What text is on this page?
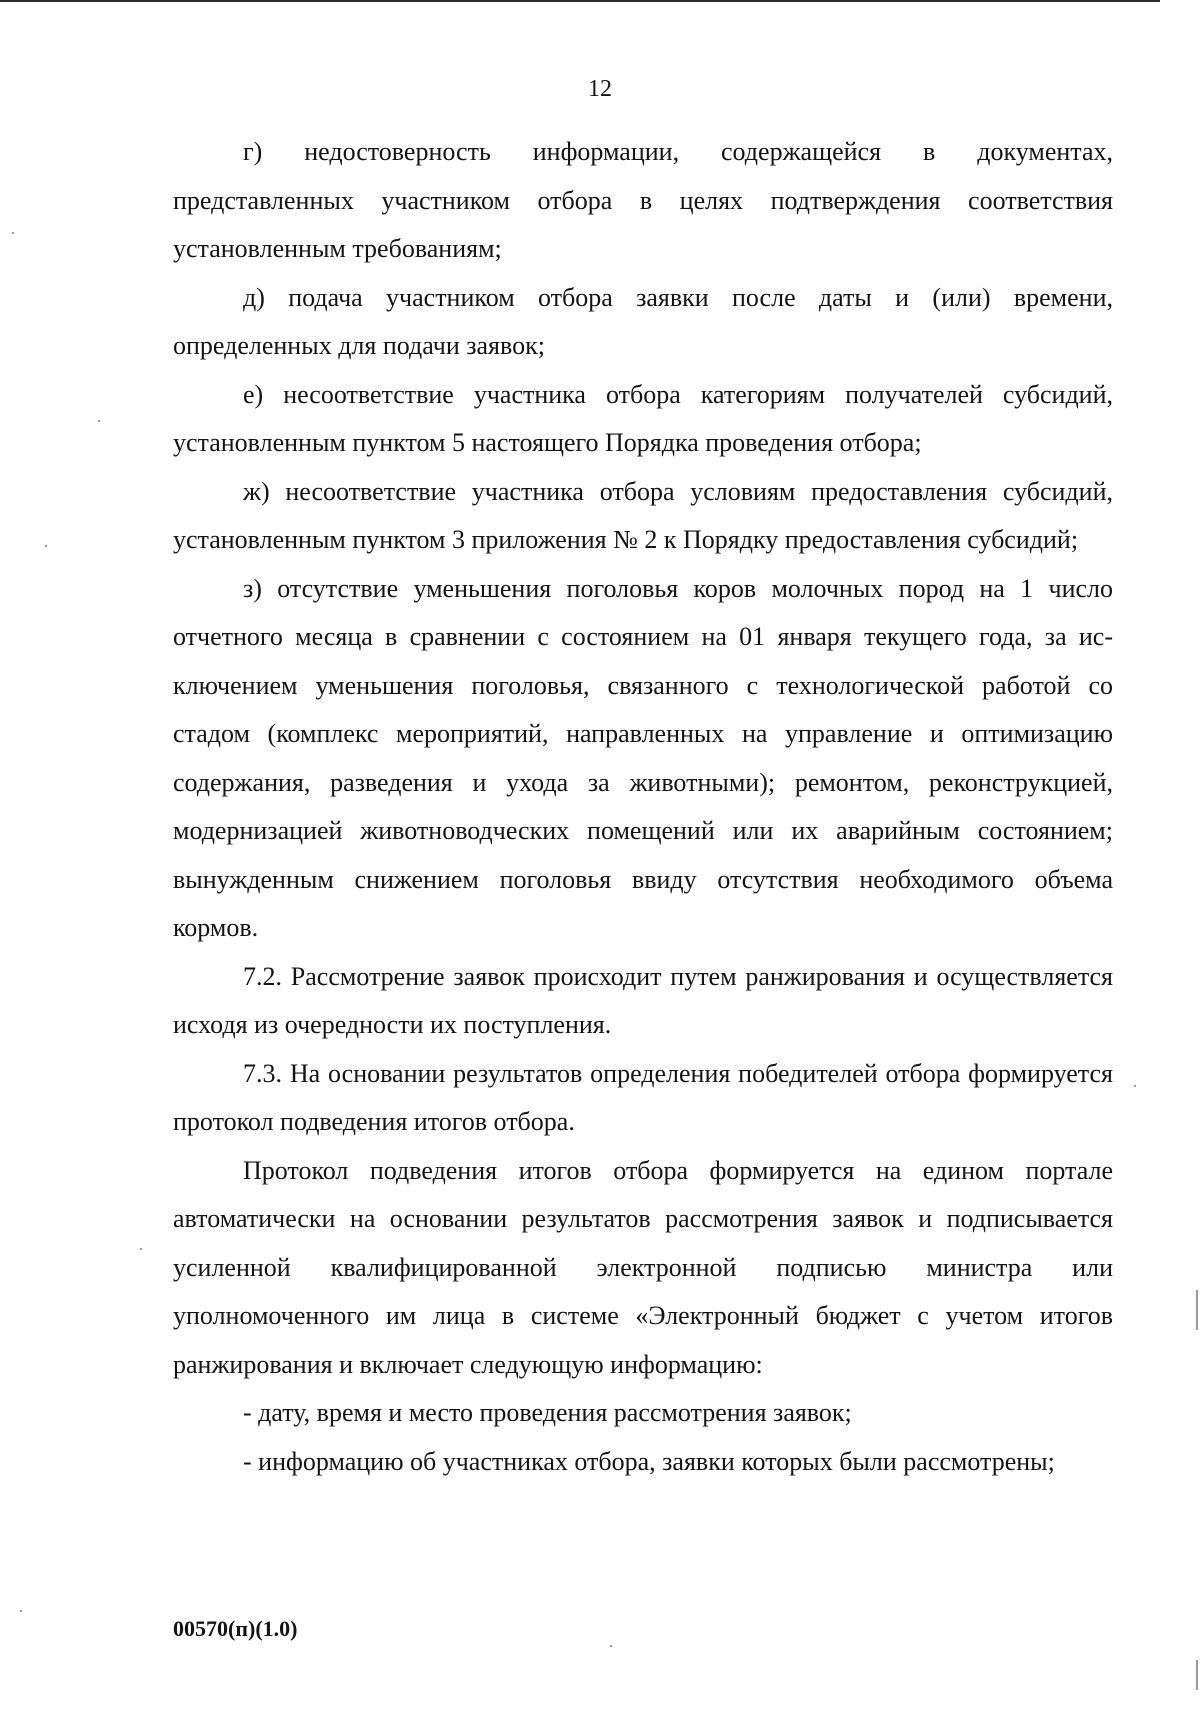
12

г) недостоверность информации, содержащейся в документах, представленных участником отбора в целях подтверждения соответствия установленным требованиям;

д) подача участником отбора заявки после даты и (или) времени, определенных для подачи заявок;

е) несоответствие участника отбора категориям получателей субсидий, установленным пунктом 5 настоящего Порядка проведения отбора;

ж) несоответствие участника отбора условиям предоставления субсидий, установленным пунктом 3 приложения № 2 к Порядку предоставления субсидий;

з) отсутствие уменьшения поголовья коров молочных пород на 1 число отчетного месяца в сравнении с состоянием на 01 января текущего года, за исключением уменьшения поголовья, связанного с технологической работой со стадом (комплекс мероприятий, направленных на управление и оптимизацию содержания, разведения и ухода за животными); ремонтом, реконструкцией, модернизацией животноводческих помещений или их аварийным состоянием; вынужденным снижением поголовья ввиду отсутствия необходимого объема кормов.

7.2. Рассмотрение заявок происходит путем ранжирования и осуществляется исходя из очередности их поступления.

7.3. На основании результатов определения победителей отбора формируется протокол подведения итогов отбора.

Протокол подведения итогов отбора формируется на едином портале автоматически на основании результатов рассмотрения заявок и подписывается усиленной квалифицированной электронной подписью министра или уполномоченного им лица в системе «Электронный бюджет с учетом итогов ранжирования и включает следующую информацию:

- дату, время и место проведения рассмотрения заявок;

- информацию об участниках отбора, заявки которых были рассмотрены;

00570(п)(1.0)
